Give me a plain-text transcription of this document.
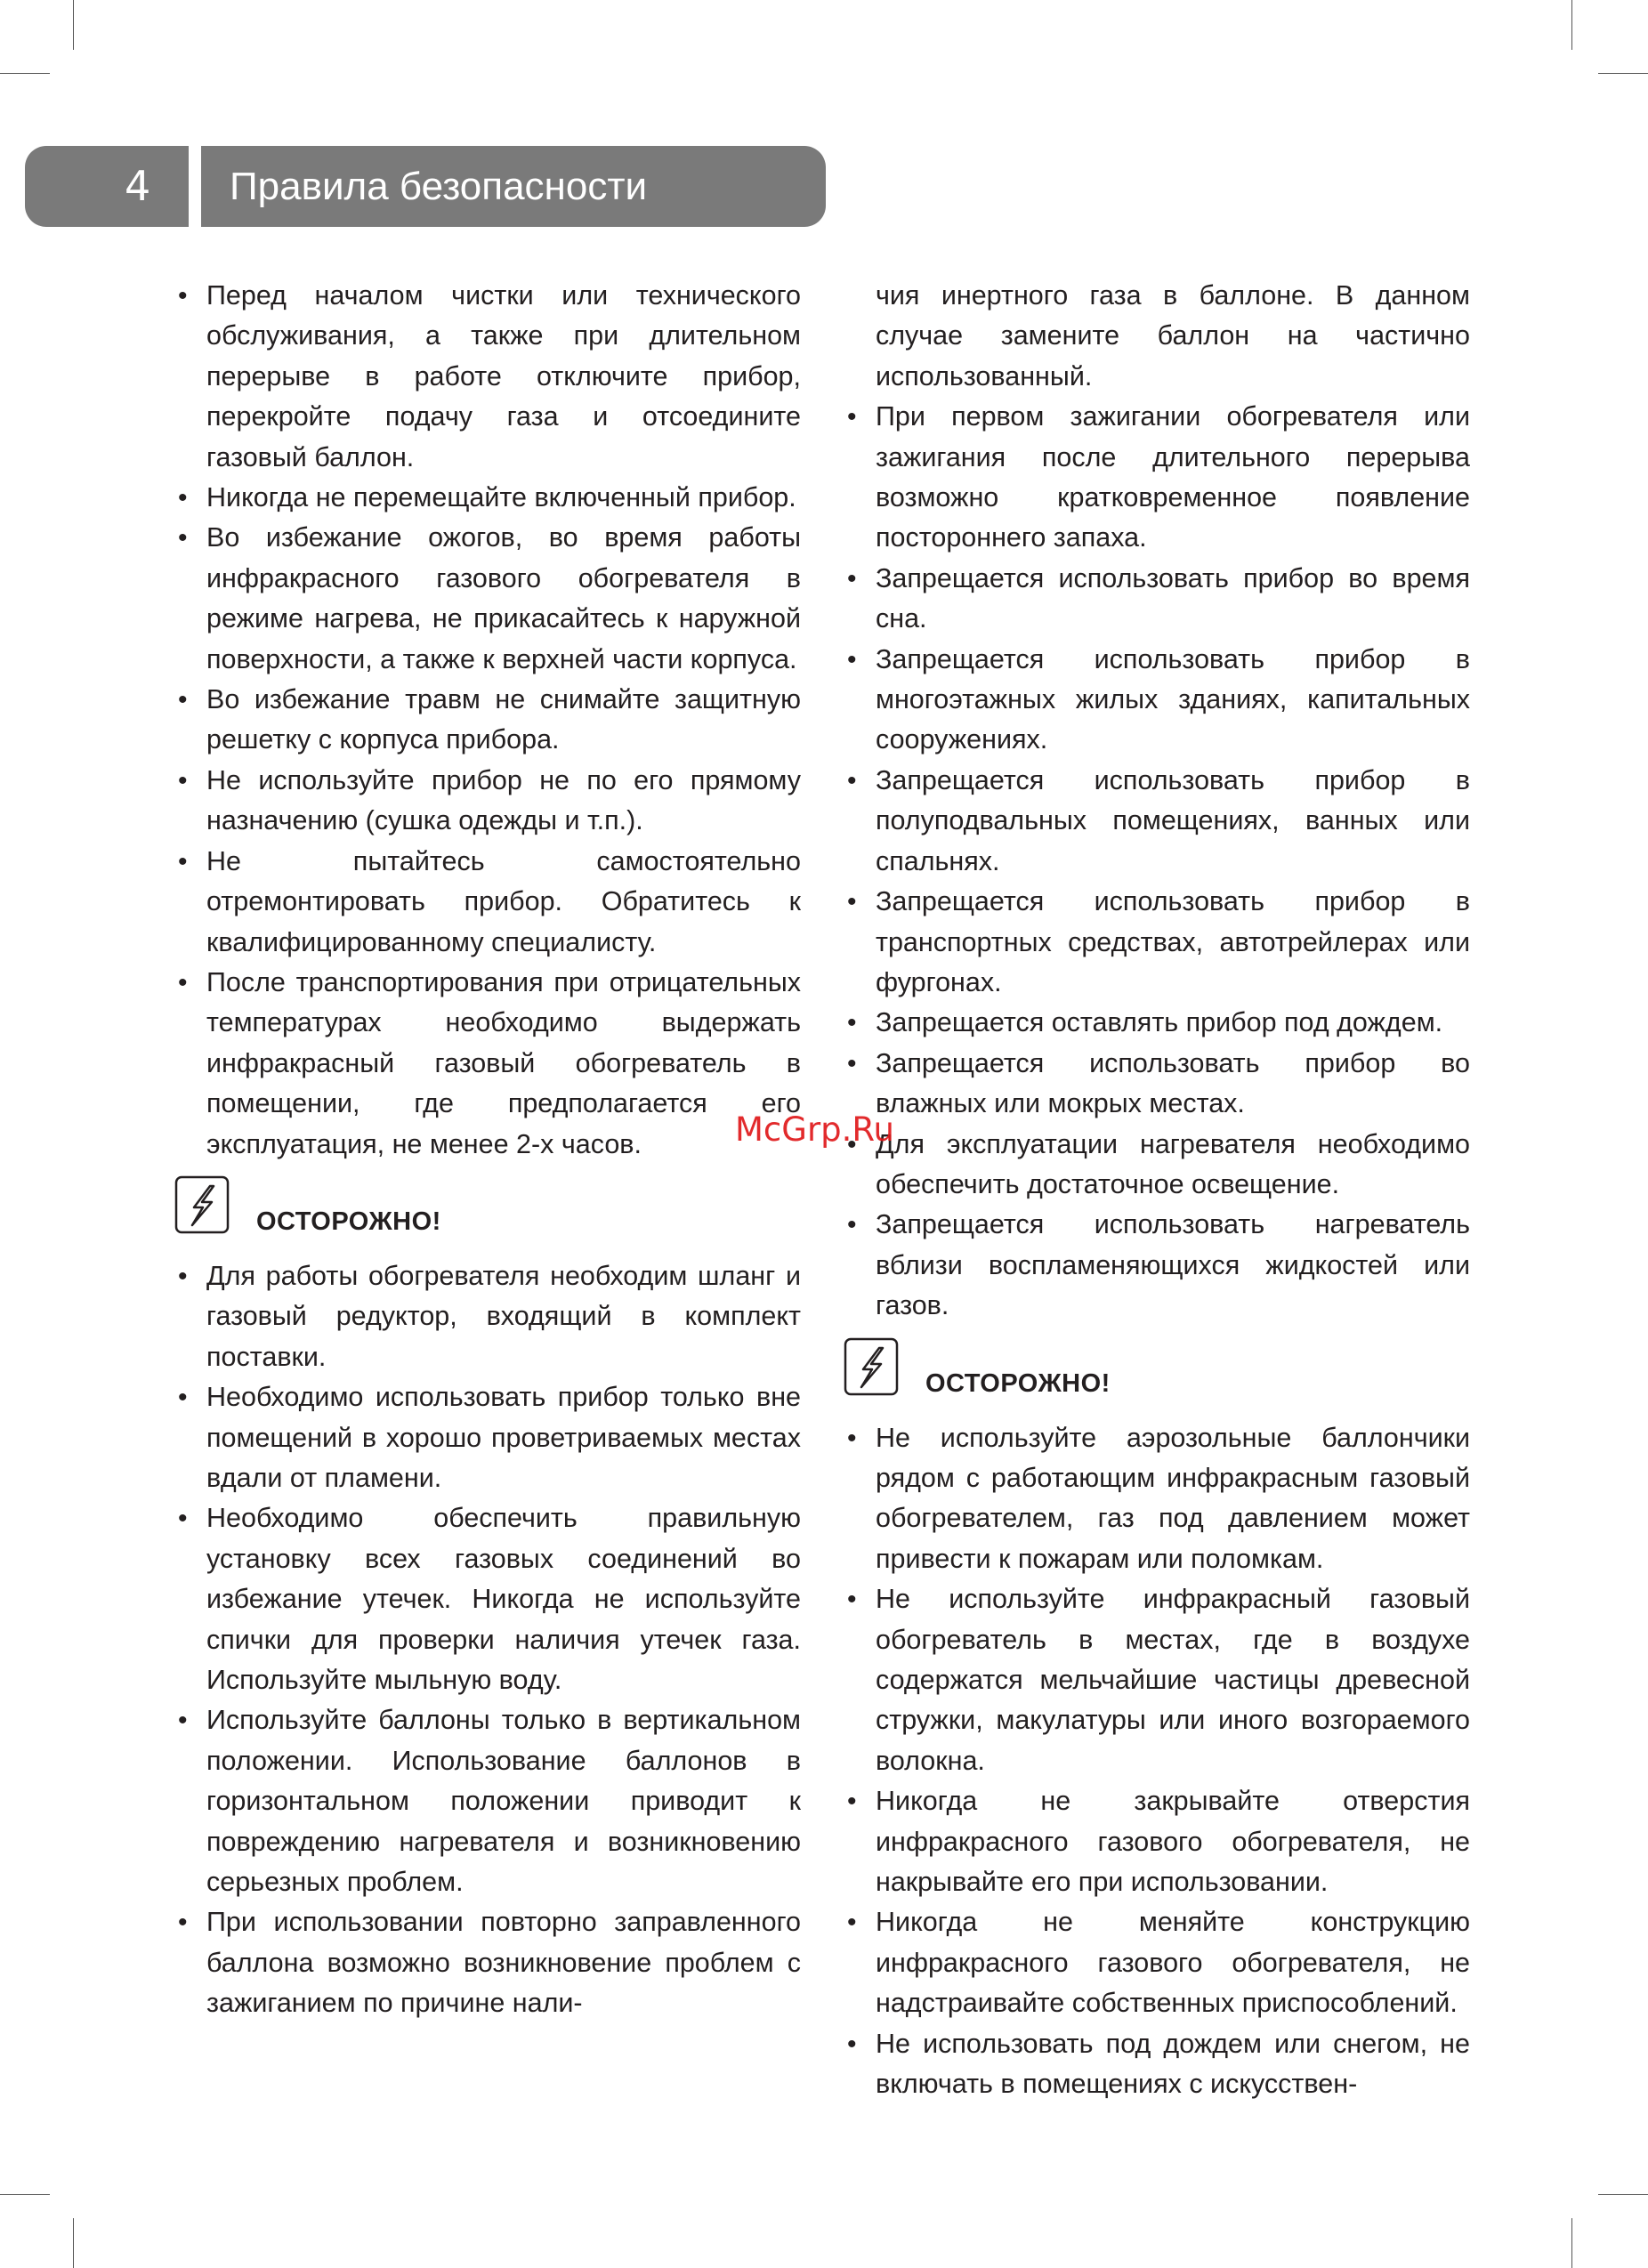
4 Правила безопасности
• Перед началом чистки или технического обслуживания, а также при длительном перерыве в работе отключите прибор, перекройте подачу газа и отсоедините газовый баллон.
• Никогда не перемещайте включенный прибор.
• Во избежание ожогов, во время работы инфракрасного газового обогревателя в режиме нагрева, не прикасайтесь к наружной поверхности, а также к верхней части корпуса.
• Во избежание травм не снимайте защитную решетку с корпуса прибора.
• Не используйте прибор не по его прямому назначению (сушка одежды и т.п.).
• Не пытайтесь самостоятельно отремонтировать прибор. Обратитесь к квалифицированному специалисту.
• После транспортирования при отрицательных температурах необходимо выдержать инфракрасный газовый обогреватель в помещении, где предполагается его эксплуатация, не менее 2-х часов.
ОСТОРОЖНО!
• Для работы обогревателя необходим шланг и газовый редуктор, входящий в комплект поставки.
• Необходимо использовать прибор только вне помещений в хорошо проветриваемых местах вдали от пламени.
• Необходимо обеспечить правильную установку всех газовых соединений во избежание утечек. Никогда не используйте спички для проверки наличия утечек газа. Используйте мыльную воду.
• Используйте баллоны только в вертикальном положении. Использование баллонов в горизонтальном положении приводит к повреждению нагревателя и возникновению серьезных проблем.
• При использовании повторно заправленного баллона возможно возникновение проблем с зажиганием по причине нали-
чия инертного газа в баллоне. В данном случае замените баллон на частично использованный.
• При первом зажигании обогревателя или зажигания после длительного перерыва возможно кратковременное появление постороннего запаха.
• Запрещается использовать прибор во время сна.
• Запрещается использовать прибор в многоэтажных жилых зданиях, капитальных сооружениях.
• Запрещается использовать прибор в полуподвальных помещениях, ванных или спальнях.
• Запрещается использовать прибор в транспортных средствах, автотрейлерах или фургонах.
• Запрещается оставлять прибор под дождем.
• Запрещается использовать прибор во влажных или мокрых местах.
• Для эксплуатации нагревателя необходимо обеспечить достаточное освещение.
• Запрещается использовать нагреватель вблизи воспламеняющихся жидкостей или газов.
ОСТОРОЖНО!
• Не используйте аэрозольные баллончики рядом с работающим инфракрасным газовый обогревателем, газ под давлением может привести к пожарам или поломкам.
• Не используйте инфракрасный газовый обогреватель в местах, где в воздухе содержатся мельчайшие частицы древесной стружки, макулатуры или иного возгораемого волокна.
• Никогда не закрывайте отверстия инфракрасного газового обогревателя, не накрывайте его при использовании.
• Никогда не меняйте конструкцию инфракрасного газового обогревателя, не надстраивайте собственных приспособлений.
• Не использовать под дождем или снегом, не включать в помещениях с искусствен-
McGrp.Ru
